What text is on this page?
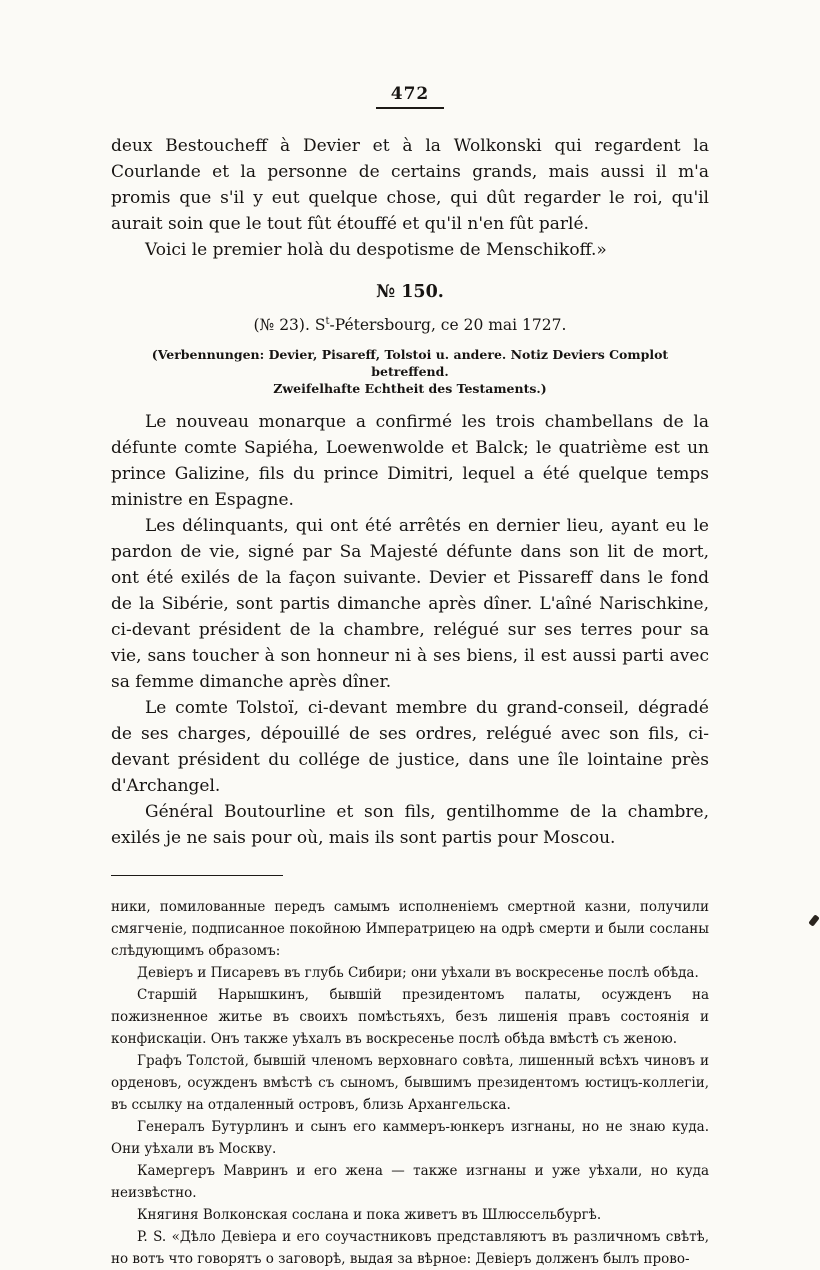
472

deux Bestoucheff à Devier et à la Wolkonski qui regardent la Courlande et la personne de certains grands, mais aussi il m'a promis que s'il y eut quelque chose, qui dût regarder le roi, qu'il aurait soin que le tout fût étouffé et qu'il n'en fût parlé.

Voici le premier holà du despotisme de Menschikoff.»

№ 150.
(№ 23). $S^t$-Pétersbourg, ce 20 mai 1727.
(Verbennungen: Devier, Pisareff, Tolstoi u. andere. Notiz Deviers Complot betreffend.
Zweifelhafte Echtheit des Testaments.)

Le nouveau monarque a confirmé les trois chambellans de la défunte comte Sapiéha, Loewenwolde et Balck; le quatrième est un prince Galizine, fils du prince Dimitri, lequel a été quelque temps ministre en Espagne.

Les délinquants, qui ont été arrêtés en dernier lieu, ayant eu le pardon de vie, signé par Sa Majesté défunte dans son lit de mort, ont été exilés de la façon suivante. Devier et Pissareff dans le fond de la Sibérie, sont partis dimanche après dîner. L'aîné Narischkine, ci-devant président de la chambre, relégué sur ses terres pour sa vie, sans toucher à son honneur ni à ses biens, il est aussi parti avec sa femme dimanche après dîner.

Le comte Tolstoï, ci-devant membre du grand-conseil, dégradé de ses charges, dépouillé de ses ordres, relégué avec son fils, ci-devant président du collége de justice, dans une île lointaine près d'Archangel.

Général Boutourline et son fils, gentilhomme de la chambre, exilés je ne sais pour où, mais ils sont partis pour Moscou.

ники, помилованные передъ самымъ исполненіемъ смертной казни, получили смягченіе, подписанное покойною Императрицею на одрѣ смерти и были сосланы слѣдующимъ образомъ:

Девіеръ и Писаревъ въ глубь Сибири; они уѣхали въ воскресенье послѣ обѣда.

Старшій Нарышкинъ, бывшій президентомъ палаты, осужденъ на пожизненное житье въ своихъ помѣстьяхъ, безъ лишенія правъ состоянія и конфискаціи. Онъ также уѣхалъ въ воскресенье послѣ обѣда вмѣстѣ съ женою.

Графъ Толстой, бывшій членомъ верховнаго совѣта, лишенный всѣхъ чиновъ и орденовъ, осужденъ вмѣстѣ съ сыномъ, бывшимъ президентомъ юстицъ-коллегіи, въ ссылку на отдаленный островъ, близь Архангельска.

Генералъ Бутурлинъ и сынъ его каммеръ-юнкеръ изгнаны, но не знаю куда. Они уѣхали въ Москву.

Камергеръ Мавринъ и его жена — также изгнаны и уже уѣхали, но куда неизвѣстно.

Княгиня Волконская сослана и пока живетъ въ Шлюссельбургѣ.

P. S. «Дѣло Девіера и его соучастниковъ представляютъ въ различномъ свѣтѣ, но вотъ что говорятъ о заговорѣ, выдая за вѣрное: Девіеръ долженъ былъ прово-
